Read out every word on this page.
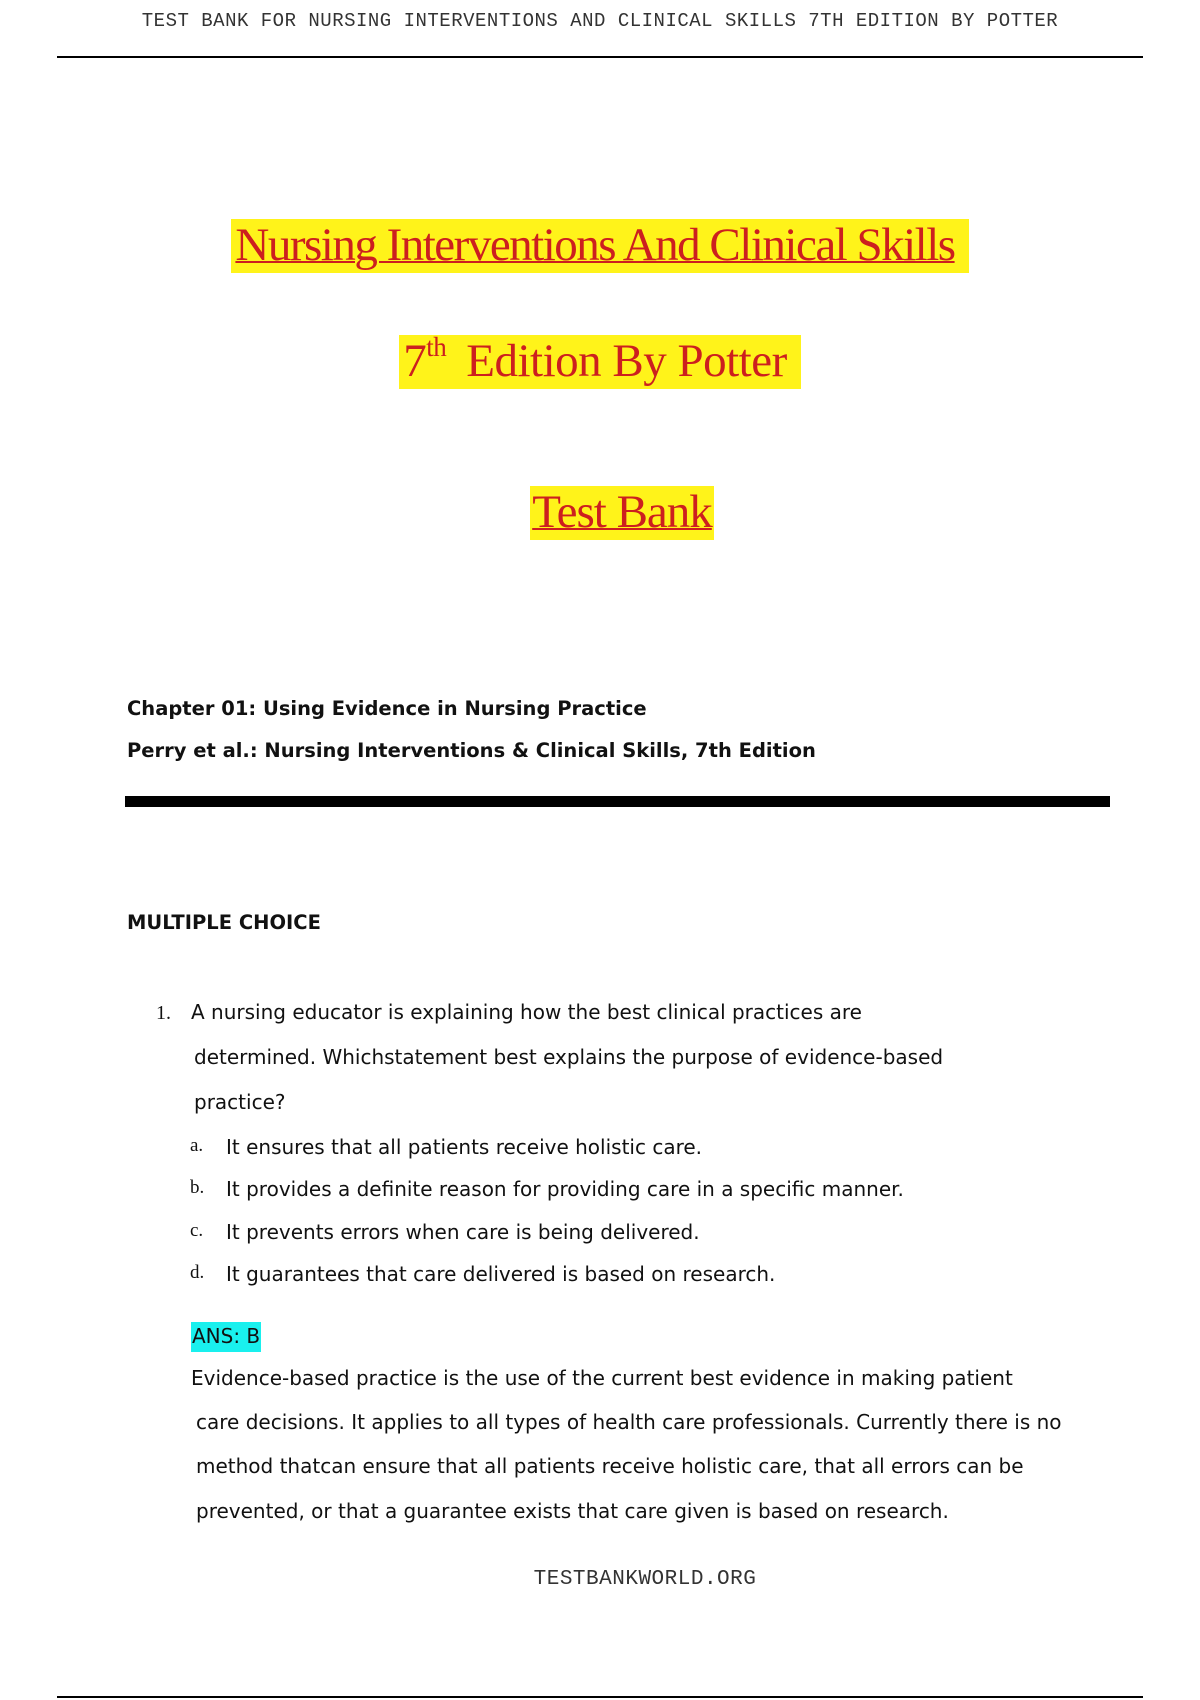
TEST BANK FOR NURSING INTERVENTIONS AND CLINICAL SKILLS 7TH EDITION BY POTTER
Nursing Interventions And Clinical Skills
7th Edition By Potter
Test Bank
Chapter 01: Using Evidence in Nursing Practice
Perry et al.: Nursing Interventions & Clinical Skills, 7th Edition
MULTIPLE CHOICE
1. A nursing educator is explaining how the best clinical practices are
determined. Whichstatement best explains the purpose of evidence-based
practice?
a. It ensures that all patients receive holistic care.
b. It provides a definite reason for providing care in a specific manner.
c. It prevents errors when care is being delivered.
d. It guarantees that care delivered is based on research.
ANS: B
Evidence-based practice is the use of the current best evidence in making patient
care decisions. It applies to all types of health care professionals. Currently there is no
method thatcan ensure that all patients receive holistic care, that all errors can be
prevented, or that a guarantee exists that care given is based on research.
TESTBANKWORLD.ORG
